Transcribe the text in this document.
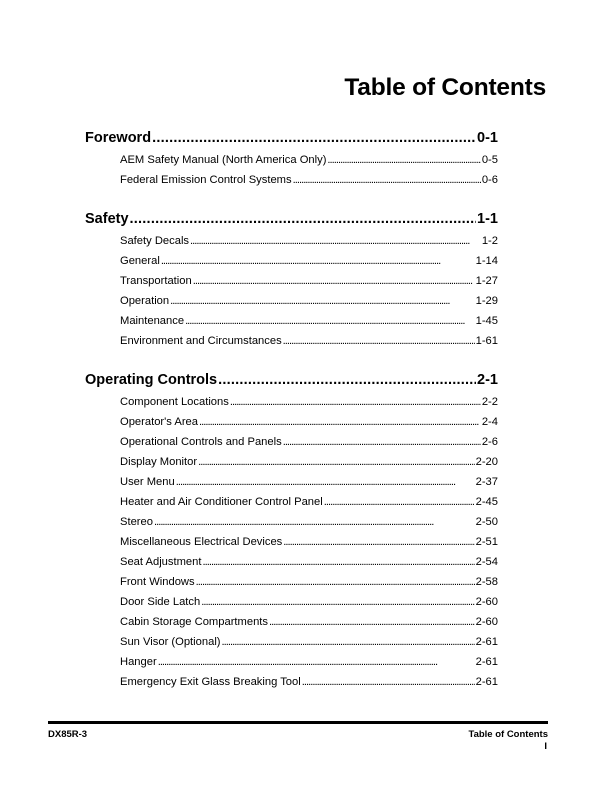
Table of Contents
Foreword . . .	0-1
AEM Safety Manual (North America Only) . . .	0-5
Federal Emission Control Systems . . .	0-6
Safety . . .	1-1
Safety Decals . . .	1-2
General . . .	1-14
Transportation . . .	1-27
Operation . . .	1-29
Maintenance . . .	1-45
Environment and Circumstances . . .	1-61
Operating Controls . . .	2-1
Component Locations . . .	2-2
Operator's Area . . .	2-4
Operational Controls and Panels . . .	2-6
Display Monitor . . .	2-20
User Menu . . .	2-37
Heater and Air Conditioner Control Panel . . .	2-45
Stereo . . .	2-50
Miscellaneous Electrical Devices . . .	2-51
Seat Adjustment . . .	2-54
Front Windows . . .	2-58
Door Side Latch . . .	2-60
Cabin Storage Compartments . . .	2-60
Sun Visor (Optional) . . .	2-61
Hanger . . .	2-61
Emergency Exit Glass Breaking Tool . . .	2-61
DX85R-3	Table of Contents
I
